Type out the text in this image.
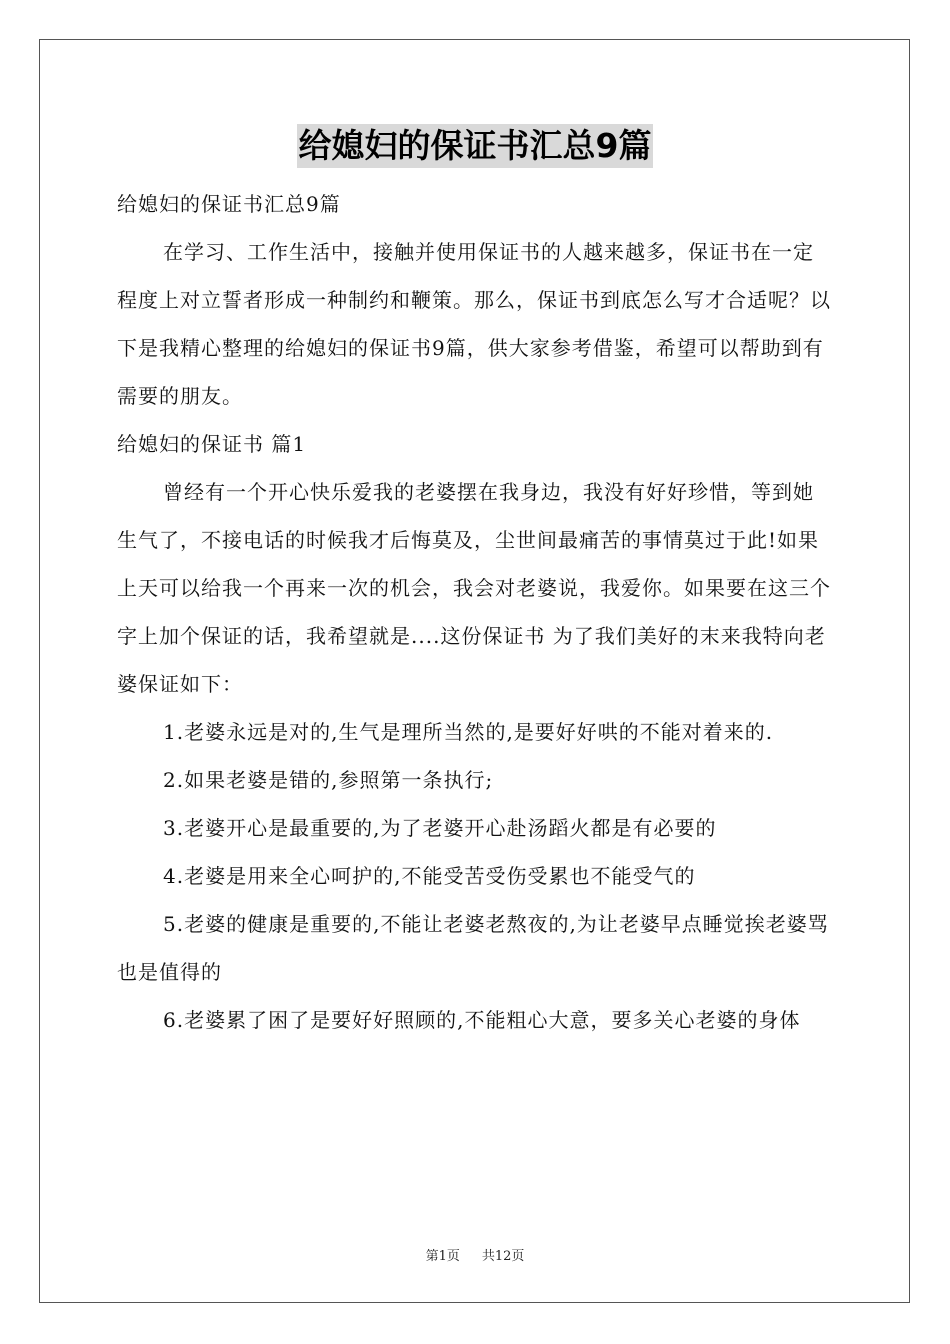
给媳妇的保证书汇总9篇

给媳妇的保证书汇总9篇

在学习、工作生活中，接触并使用保证书的人越来越多，保证书在一定程度上对立誓者形成一种制约和鞭策。那么，保证书到底怎么写才合适呢？以下是我精心整理的给媳妇的保证书9篇，供大家参考借鉴，希望可以帮助到有需要的朋友。

给媳妇的保证书 篇1

曾经有一个开心快乐爱我的老婆摆在我身边，我没有好好珍惜，等到她生气了，不接电话的时候我才后悔莫及，尘世间最痛苦的事情莫过于此!如果上天可以给我一个再来一次的机会，我会对老婆说，我爱你。如果要在这三个字上加个保证的话，我希望就是....这份保证书 为了我们美好的末来我特向老婆保证如下：

1.老婆永远是对的,生气是理所当然的,是要好好哄的不能对着来的.

2.如果老婆是错的,参照第一条执行;

3.老婆开心是最重要的,为了老婆开心赴汤蹈火都是有必要的

4.老婆是用来全心呵护的,不能受苦受伤受累也不能受气的

5.老婆的健康是重要的,不能让老婆老熬夜的,为让老婆早点睡觉挨老婆骂也是值得的

6.老婆累了困了是要好好照顾的,不能粗心大意，要多关心老婆的身体

第1页 共12页
